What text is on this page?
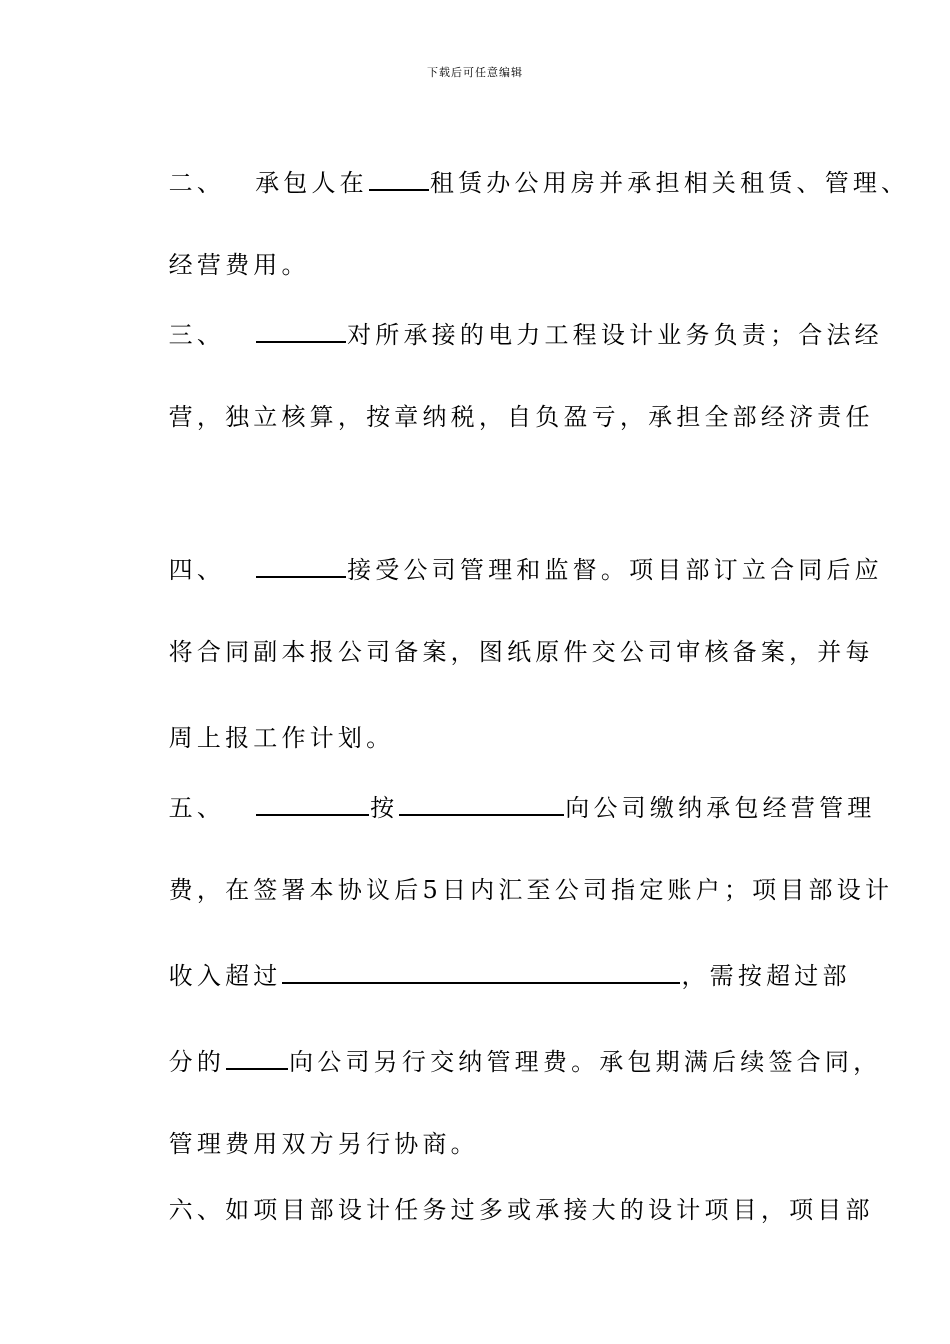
下载后可任意编辑

二、 承包人在	租赁办公用房并承担相关租赁、管理、

经营费用。

三、	对所承接的电力工程设计业务负责；合法经

营，独立核算，按章纳税，自负盈亏，承担全部经济责任

四、	接受公司管理和监督。项目部订立合同后应

将合同副本报公司备案，图纸原件交公司审核备案，并每

周上报工作计划。

五、	按	向公司缴纳承包经营管理

费，在签署本协议后5日内汇至公司指定账户；项目部设计

收入超过	，需按超过部

分的	向公司另行交纳管理费。承包期满后续签合同，

管理费用双方另行协商。

六、如项目部设计任务过多或承接大的设计项目，项目部
